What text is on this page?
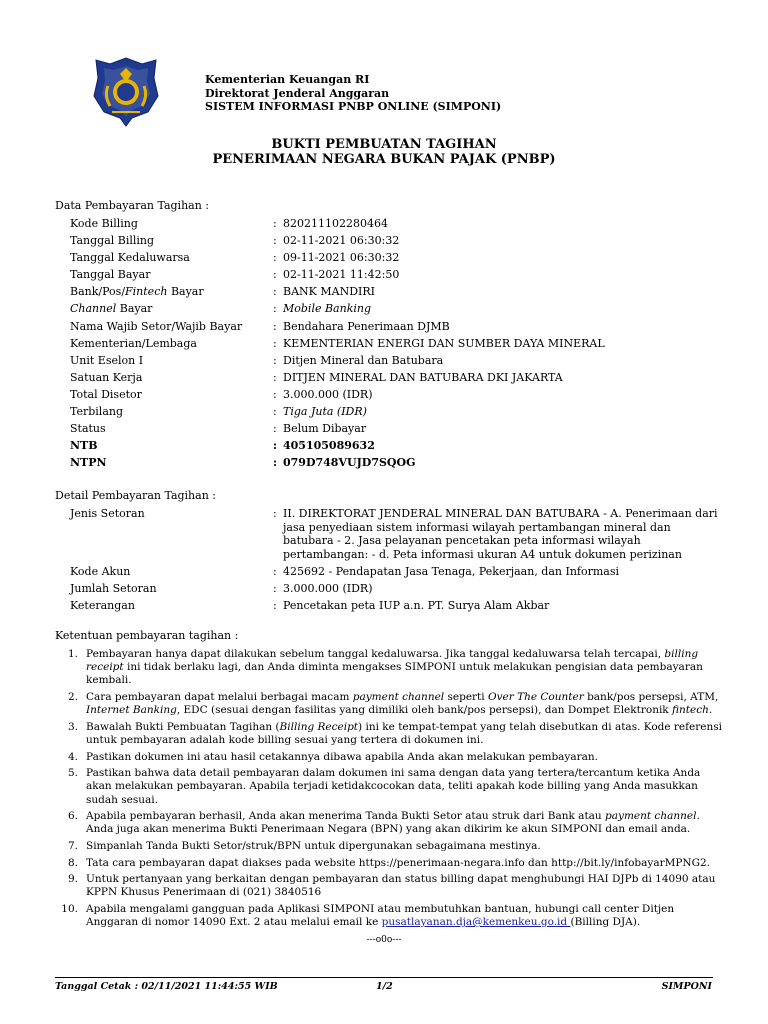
Kementerian Keuangan RI
Direktorat Jenderal Anggaran
SISTEM INFORMASI PNBP ONLINE (SIMPONI)
BUKTI PEMBUATAN TAGIHAN
PENERIMAAN NEGARA BUKAN PAJAK (PNBP)
Data Pembayaran Tagihan :
Kode Billing	: 820211102280464
Tanggal Billing	: 02-11-2021 06:30:32
Tanggal Kedaluwarsa	: 09-11-2021 06:30:32
Tanggal Bayar	: 02-11-2021 11:42:50
Bank/Pos/Fintech Bayar	: BANK MANDIRI
Channel Bayar	: Mobile Banking
Nama Wajib Setor/Wajib Bayar	: Bendahara Penerimaan DJMB
Kementerian/Lembaga	: KEMENTERIAN ENERGI DAN SUMBER DAYA MINERAL
Unit Eselon I	: Ditjen Mineral dan Batubara
Satuan Kerja	: DITJEN MINERAL DAN BATUBARA DKI JAKARTA
Total Disetor	: 3.000.000 (IDR)
Terbilang	: Tiga Juta (IDR)
Status	: Belum Dibayar
NTB	: 405105089632
NTPN	: 079D748VUJD7SQOG
Detail Pembayaran Tagihan :
Jenis Setoran	: II. DIREKTORAT JENDERAL MINERAL DAN BATUBARA - A. Penerimaan dari jasa penyediaan sistem informasi wilayah pertambangan mineral dan batubara - 2. Jasa pelayanan pencetakan peta informasi wilayah pertambangan: - d. Peta informasi ukuran A4 untuk dokumen perizinan
Kode Akun	: 425692 - Pendapatan Jasa Tenaga, Pekerjaan, dan Informasi
Jumlah Setoran	: 3.000.000 (IDR)
Keterangan	: Pencetakan peta IUP a.n. PT. Surya Alam Akbar
Ketentuan pembayaran tagihan :
1. Pembayaran hanya dapat dilakukan sebelum tanggal kedaluwarsa. Jika tanggal kedaluwarsa telah tercapai, billing receipt ini tidak berlaku lagi, dan Anda diminta mengakses SIMPONI untuk melakukan pengisian data pembayaran kembali.
2. Cara pembayaran dapat melalui berbagai macam payment channel seperti Over The Counter bank/pos persepsi, ATM, Internet Banking, EDC (sesuai dengan fasilitas yang dimiliki oleh bank/pos persepsi), dan Dompet Elektronik fintech.
3. Bawalah Bukti Pembuatan Tagihan (Billing Receipt) ini ke tempat-tempat yang telah disebutkan di atas. Kode referensi untuk pembayaran adalah kode billing sesuai yang tertera di dokumen ini.
4. Pastikan dokumen ini atau hasil cetakannya dibawa apabila Anda akan melakukan pembayaran.
5. Pastikan bahwa data detail pembayaran dalam dokumen ini sama dengan data yang tertera/tercantum ketika Anda akan melakukan pembayaran. Apabila terjadi ketidakcocokan data, teliti apakah kode billing yang Anda masukkan sudah sesuai.
6. Apabila pembayaran berhasil, Anda akan menerima Tanda Bukti Setor atau struk dari Bank atau payment channel. Anda juga akan menerima Bukti Penerimaan Negara (BPN) yang akan dikirim ke akun SIMPONI dan email anda.
7. Simpanlah Tanda Bukti Setor/struk/BPN untuk dipergunakan sebagaimana mestinya.
8. Tata cara pembayaran dapat diakses pada website https://penerimaan-negara.info dan http://bit.ly/infobayarMPNG2.
9. Untuk pertanyaan yang berkaitan dengan pembayaran dan status billing dapat menghubungi HAI DJPb di 14090 atau KPPN Khusus Penerimaan di (021) 3840516
10. Apabila mengalami gangguan pada Aplikasi SIMPONI atau membutuhkan bantuan, hubungi call center Ditjen Anggaran di nomor 14090 Ext. 2 atau melalui email ke pusatlayanan.dja@kemenkeu.go.id (Billing DJA).
---o0o---
Tanggal Cetak : 02/11/2021 11:44:55 WIB	1/2	SIMPONI
